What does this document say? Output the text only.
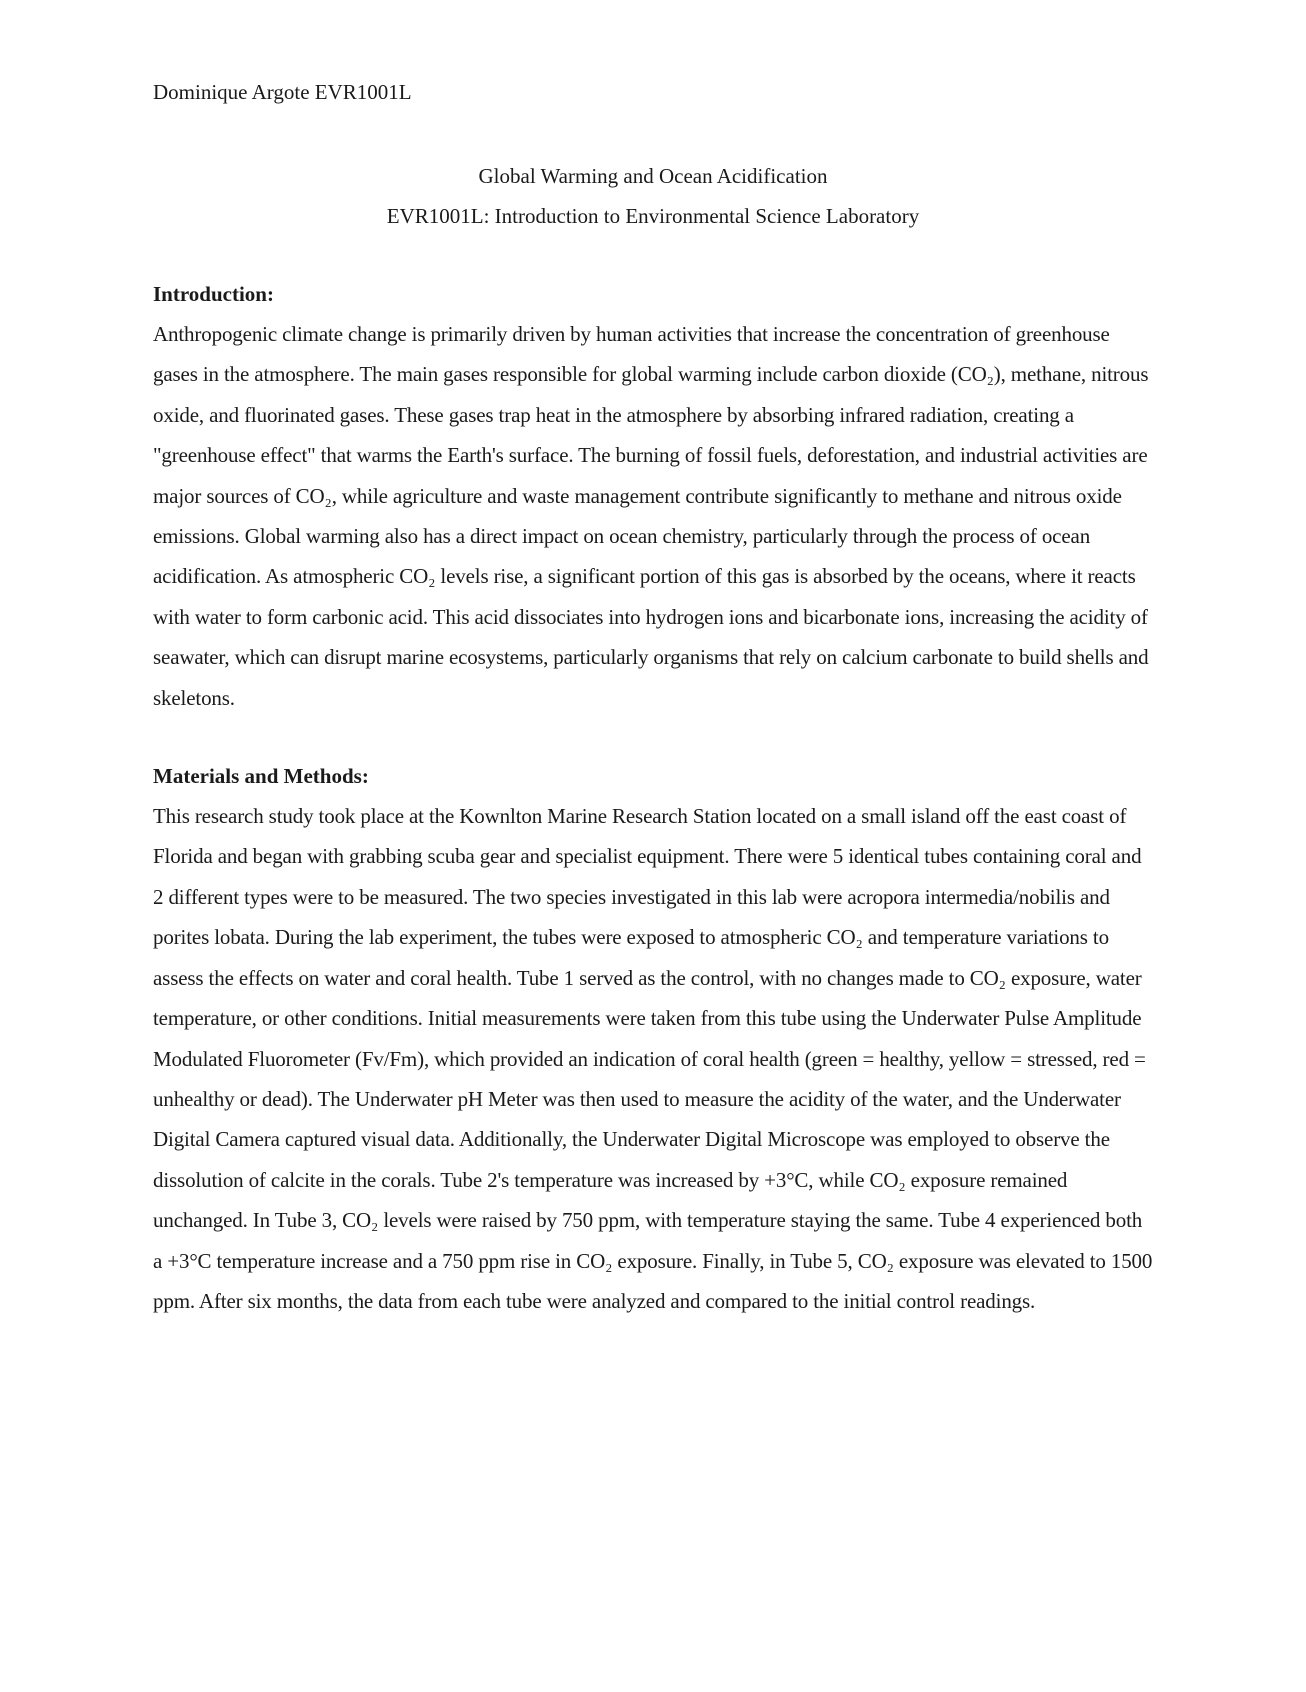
Dominique Argote EVR1001L

Global Warming and Ocean Acidification

EVR1001L: Introduction to Environmental Science Laboratory

Introduction:

Anthropogenic climate change is primarily driven by human activities that increase the concentration of greenhouse gases in the atmosphere. The main gases responsible for global warming include carbon dioxide (CO₂), methane, nitrous oxide, and fluorinated gases. These gases trap heat in the atmosphere by absorbing infrared radiation, creating a "greenhouse effect" that warms the Earth's surface. The burning of fossil fuels, deforestation, and industrial activities are major sources of CO₂, while agriculture and waste management contribute significantly to methane and nitrous oxide emissions. Global warming also has a direct impact on ocean chemistry, particularly through the process of ocean acidification. As atmospheric CO₂ levels rise, a significant portion of this gas is absorbed by the oceans, where it reacts with water to form carbonic acid. This acid dissociates into hydrogen ions and bicarbonate ions, increasing the acidity of seawater, which can disrupt marine ecosystems, particularly organisms that rely on calcium carbonate to build shells and skeletons.

Materials and Methods:

This research study took place at the Kownlton Marine Research Station located on a small island off the east coast of Florida and began with grabbing scuba gear and specialist equipment. There were 5 identical tubes containing coral and 2 different types were to be measured. The two species investigated in this lab were acropora intermedia/nobilis and porites lobata. During the lab experiment, the tubes were exposed to atmospheric CO₂ and temperature variations to assess the effects on water and coral health. Tube 1 served as the control, with no changes made to CO₂ exposure, water temperature, or other conditions. Initial measurements were taken from this tube using the Underwater Pulse Amplitude Modulated Fluorometer (Fv/Fm), which provided an indication of coral health (green = healthy, yellow = stressed, red = unhealthy or dead). The Underwater pH Meter was then used to measure the acidity of the water, and the Underwater Digital Camera captured visual data. Additionally, the Underwater Digital Microscope was employed to observe the dissolution of calcite in the corals. Tube 2's temperature was increased by +3°C, while CO₂ exposure remained unchanged. In Tube 3, CO₂ levels were raised by 750 ppm, with temperature staying the same. Tube 4 experienced both a +3°C temperature increase and a 750 ppm rise in CO₂ exposure. Finally, in Tube 5, CO₂ exposure was elevated to 1500 ppm. After six months, the data from each tube were analyzed and compared to the initial control readings.
